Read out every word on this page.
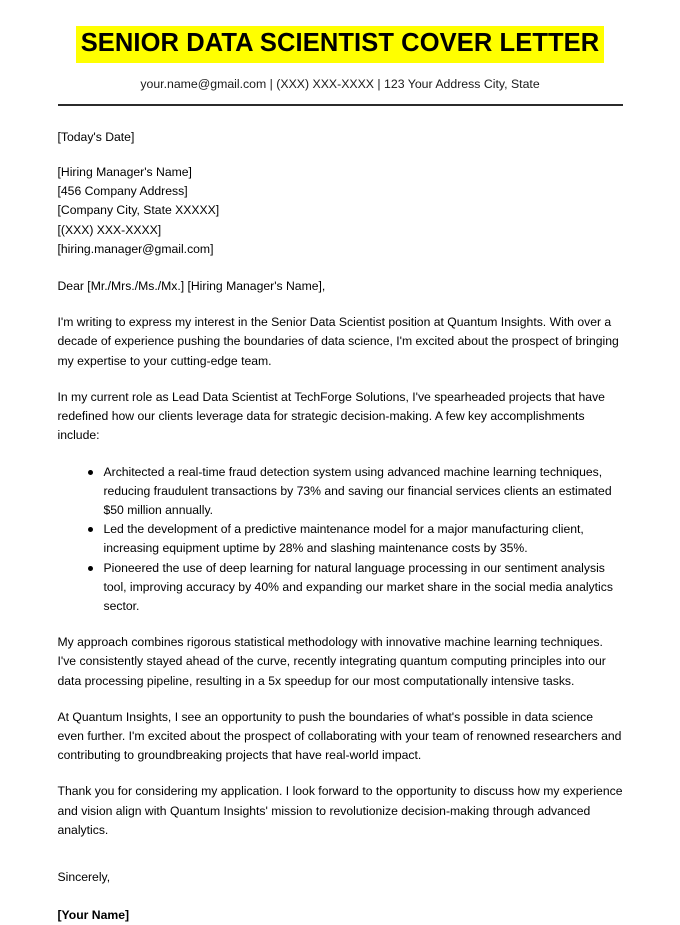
SENIOR DATA SCIENTIST COVER LETTER
your.name@gmail.com | (XXX) XXX-XXXX | 123 Your Address City, State
[Today's Date]
[Hiring Manager's Name]
[456 Company Address]
[Company City, State XXXXX]
[(XXX) XXX-XXXX]
[hiring.manager@gmail.com]
Dear [Mr./Mrs./Ms./Mx.] [Hiring Manager's Name],

I'm writing to express my interest in the Senior Data Scientist position at Quantum Insights. With over a decade of experience pushing the boundaries of data science, I'm excited about the prospect of bringing my expertise to your cutting-edge team.

In my current role as Lead Data Scientist at TechForge Solutions, I've spearheaded projects that have redefined how our clients leverage data for strategic decision-making. A few key accomplishments include:

Architected a real-time fraud detection system using advanced machine learning techniques, reducing fraudulent transactions by 73% and saving our financial services clients an estimated $50 million annually.
Led the development of a predictive maintenance model for a major manufacturing client, increasing equipment uptime by 28% and slashing maintenance costs by 35%.
Pioneered the use of deep learning for natural language processing in our sentiment analysis tool, improving accuracy by 40% and expanding our market share in the social media analytics sector.

My approach combines rigorous statistical methodology with innovative machine learning techniques. I've consistently stayed ahead of the curve, recently integrating quantum computing principles into our data processing pipeline, resulting in a 5x speedup for our most computationally intensive tasks.

At Quantum Insights, I see an opportunity to push the boundaries of what's possible in data science even further. I'm excited about the prospect of collaborating with your team of renowned researchers and contributing to groundbreaking projects that have real-world impact.

Thank you for considering my application. I look forward to the opportunity to discuss how my experience and vision align with Quantum Insights' mission to revolutionize decision-making through advanced analytics.

Sincerely,
[Your Name]
